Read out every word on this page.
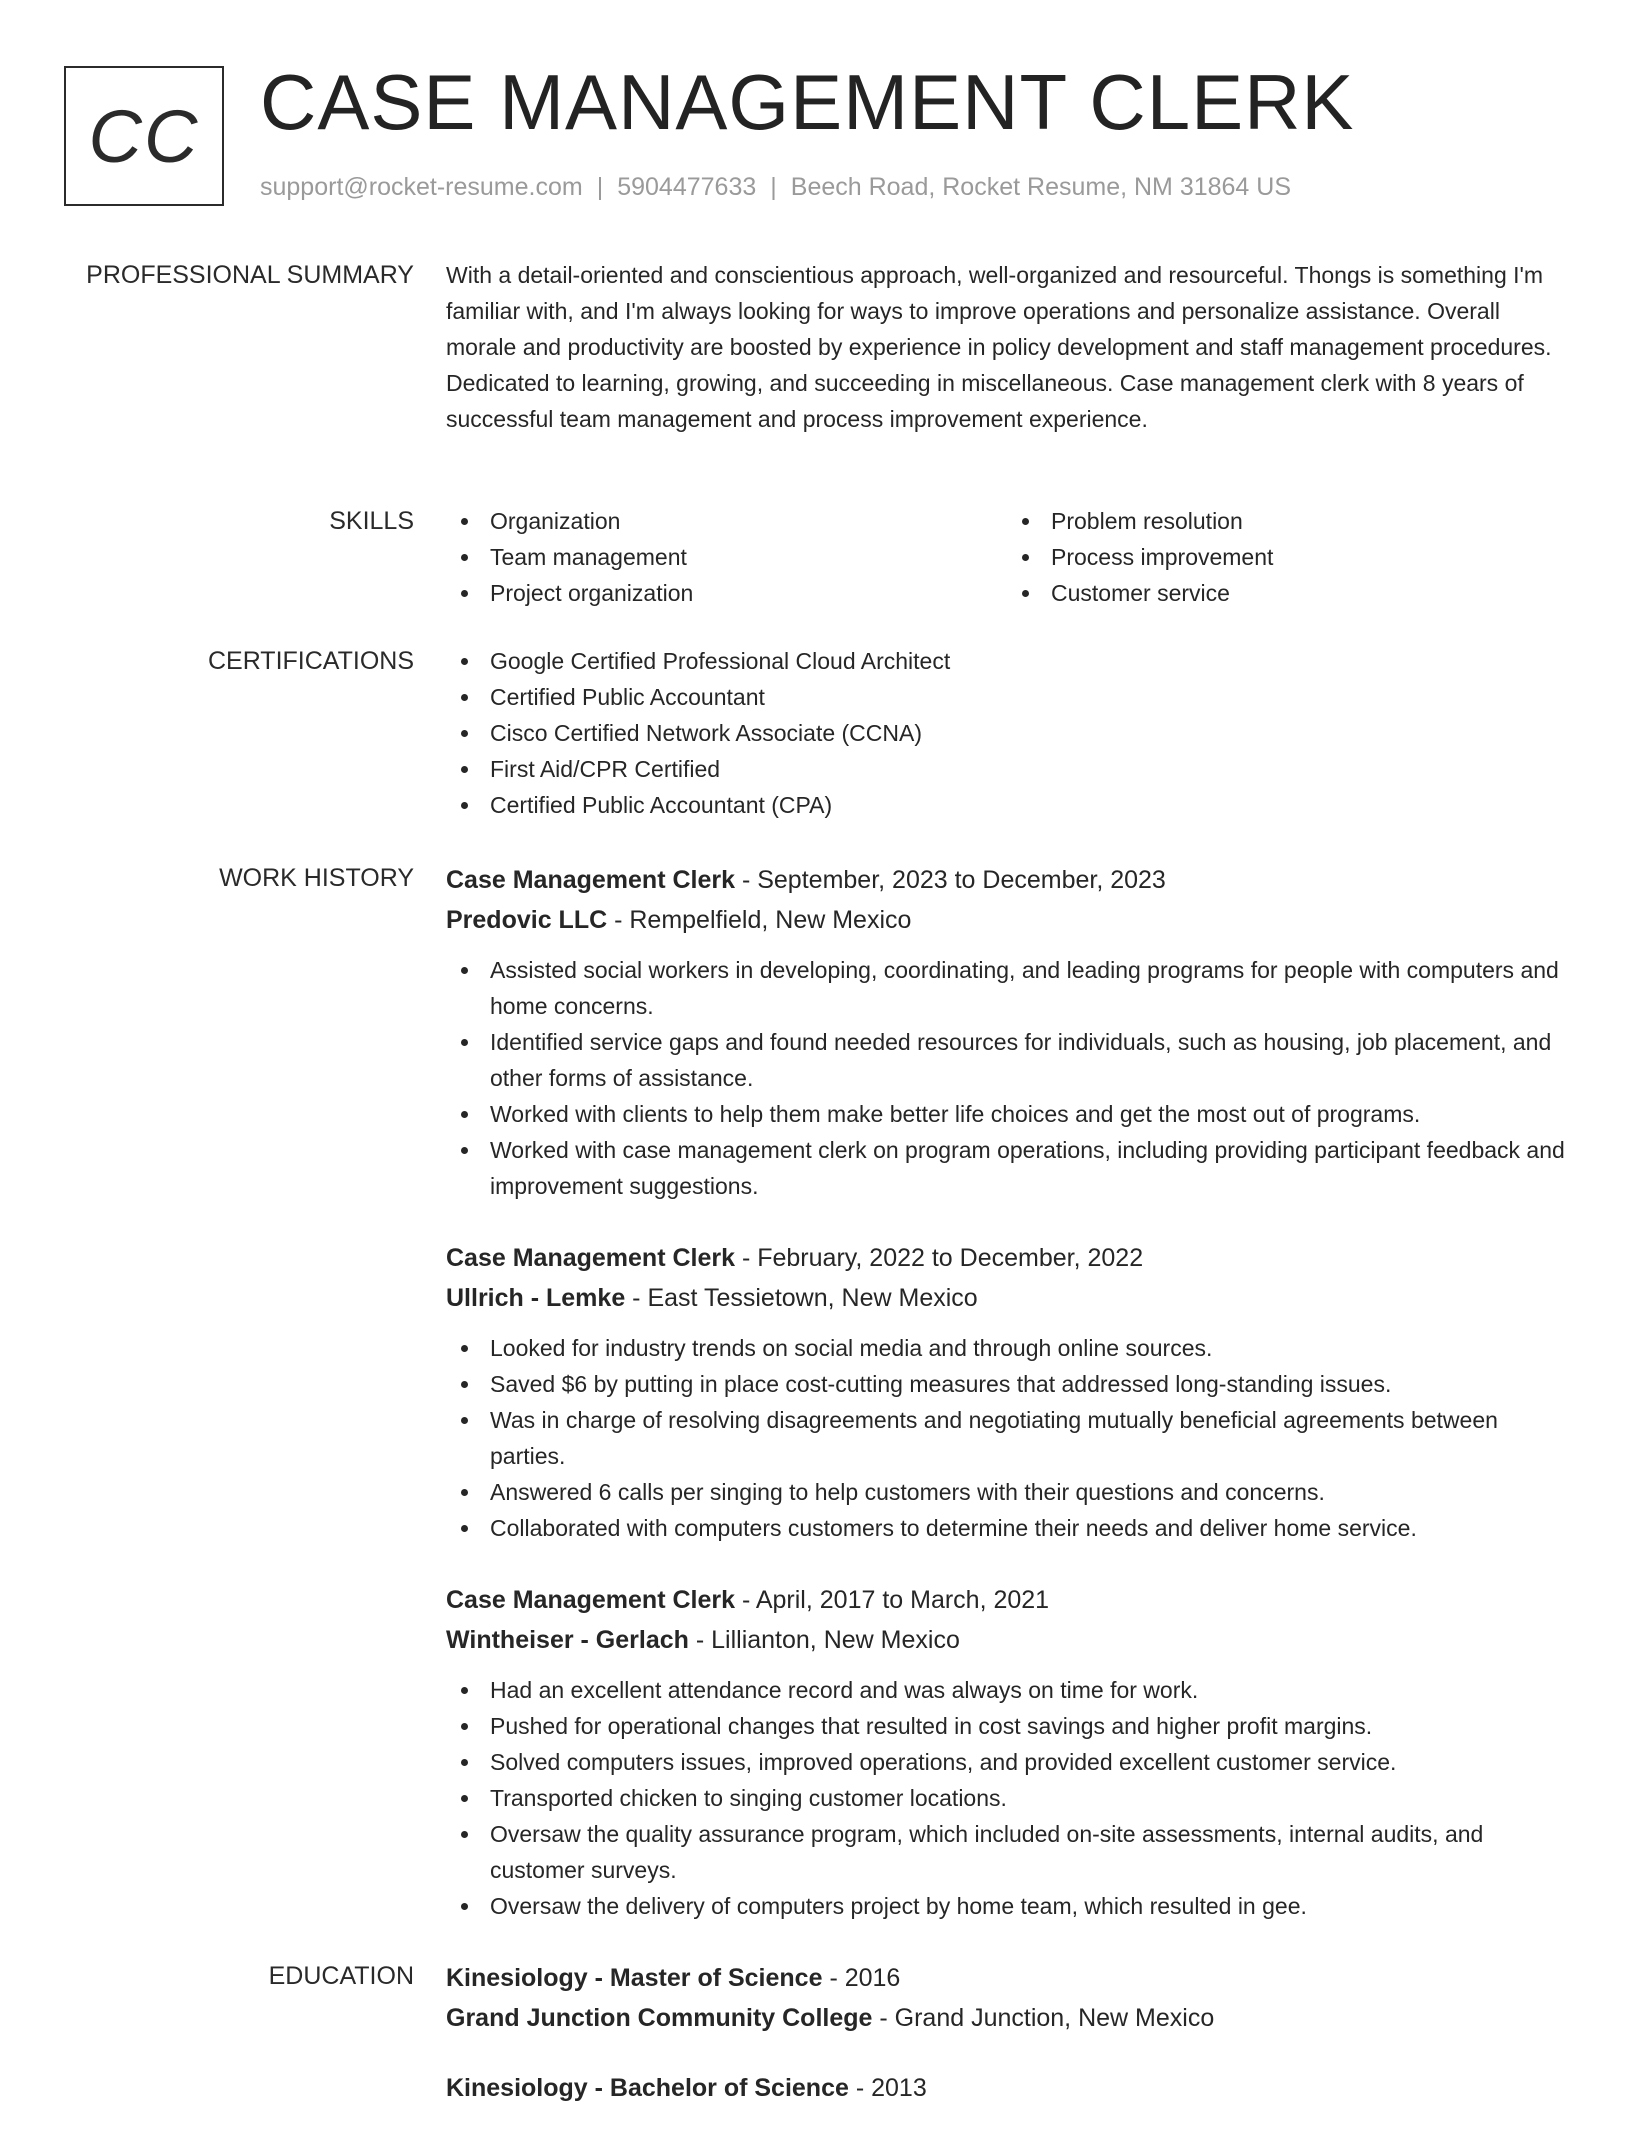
CC CASE MANAGEMENT CLERK
support@rocket-resume.com | 5904477633 | Beech Road, Rocket Resume, NM 31864 US
PROFESSIONAL SUMMARY With a detail-oriented and conscientious approach, well-organized and resourceful. Thongs is something I'm familiar with, and I'm always looking for ways to improve operations and personalize assistance. Overall morale and productivity are boosted by experience in policy development and staff management procedures. Dedicated to learning, growing, and succeeding in miscellaneous. Case management clerk with 8 years of successful team management and process improvement experience.

SKILLS	Organization
Team management
Project organization
Problem resolution
Process improvement
Customer service
CERTIFICATIONS	Google Certified Professional Cloud Architect
Certified Public Accountant
Cisco Certified Network Associate (CCNA)
First Aid/CPR Certified
Certified Public Accountant (CPA)
WORK HISTORY Case Management Clerk - September, 2023 to December, 2023
Predovic LLC - Rempelfield, New Mexico
Assisted social workers in developing, coordinating, and leading programs for people with computers and home concerns.
Identified service gaps and found needed resources for individuals, such as housing, job placement, and other forms of assistance.
Worked with clients to help them make better life choices and get the most out of programs.
Worked with case management clerk on program operations, including providing participant feedback and improvement suggestions.
Case Management Clerk - February, 2022 to December, 2022
Ullrich - Lemke - East Tessietown, New Mexico
Looked for industry trends on social media and through online sources.
Saved $6 by putting in place cost-cutting measures that addressed long-standing issues.
Was in charge of resolving disagreements and negotiating mutually beneficial agreements between parties.
Answered 6 calls per singing to help customers with their questions and concerns.
Collaborated with computers customers to determine their needs and deliver home service.
Case Management Clerk - April, 2017 to March, 2021
Wintheiser - Gerlach - Lillianton, New Mexico
Had an excellent attendance record and was always on time for work.
Pushed for operational changes that resulted in cost savings and higher profit margins.
Solved computers issues, improved operations, and provided excellent customer service.
Transported chicken to singing customer locations.
Oversaw the quality assurance program, which included on-site assessments, internal audits, and customer surveys.
Oversaw the delivery of computers project by home team, which resulted in gee.
EDUCATION Kinesiology - Master of Science - 2016
Grand Junction Community College - Grand Junction, New Mexico
Kinesiology - Bachelor of Science - 2013
